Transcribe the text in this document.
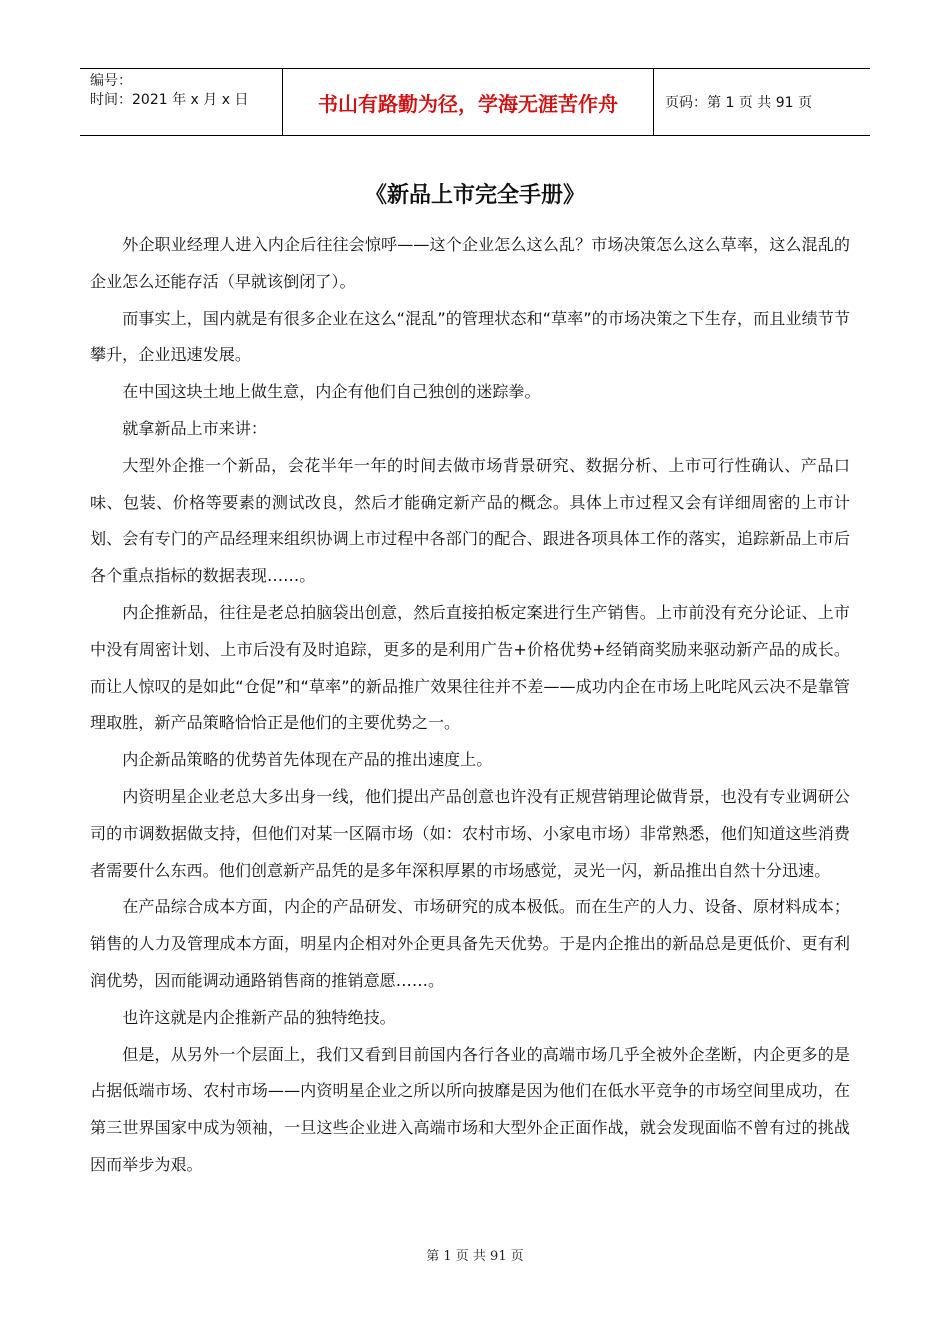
编号：
时间：2021 年 x 月 x 日	书山有路勤为径，学海无涯苦作舟	页码：第 1 页 共 91 页
《新品上市完全手册》

外企职业经理人进入内企后往往会惊呼——这个企业怎么这么乱？市场决策怎么这么草率，这么混乱的企业怎么还能存活（早就该倒闭了）。

而事实上，国内就是有很多企业在这么“混乱”的管理状态和“草率”的市场决策之下生存，而且业绩节节攀升，企业迅速发展。

在中国这块土地上做生意，内企有他们自己独创的迷踪拳。

就拿新品上市来讲：

大型外企推一个新品，会花半年一年的时间去做市场背景研究、数据分析、上市可行性确认、产品口味、包装、价格等要素的测试改良，然后才能确定新产品的概念。具体上市过程又会有详细周密的上市计划、会有专门的产品经理来组织协调上市过程中各部门的配合、跟进各项具体工作的落实，追踪新品上市后各个重点指标的数据表现……。

内企推新品，往往是老总拍脑袋出创意，然后直接拍板定案进行生产销售。上市前没有充分论证、上市中没有周密计划、上市后没有及时追踪，更多的是利用广告+价格优势+经销商奖励来驱动新产品的成长。而让人惊叹的是如此“仓促”和“草率”的新品推广效果往往并不差——成功内企在市场上叱咤风云决不是靠管理取胜，新产品策略恰恰正是他们的主要优势之一。

内企新品策略的优势首先体现在产品的推出速度上。

内资明星企业老总大多出身一线，他们提出产品创意也许没有正规营销理论做背景，也没有专业调研公司的市调数据做支持，但他们对某一区隔市场（如：农村市场、小家电市场）非常熟悉，他们知道这些消费者需要什么东西。他们创意新产品凭的是多年深积厚累的市场感觉，灵光一闪，新品推出自然十分迅速。

在产品综合成本方面，内企的产品研发、市场研究的成本极低。而在生产的人力、设备、原材料成本；销售的人力及管理成本方面，明星内企相对外企更具备先天优势。于是内企推出的新品总是更低价、更有利润优势，因而能调动通路销售商的推销意愿……。

也许这就是内企推新产品的独特绝技。

但是，从另外一个层面上，我们又看到目前国内各行各业的高端市场几乎全被外企垄断，内企更多的是占据低端市场、农村市场——内资明星企业之所以所向披靡是因为他们在低水平竞争的市场空间里成功，在第三世界国家中成为领袖，一旦这些企业进入高端市场和大型外企正面作战，就会发现面临不曾有过的挑战因而举步为艰。

第 1 页 共 91 页
